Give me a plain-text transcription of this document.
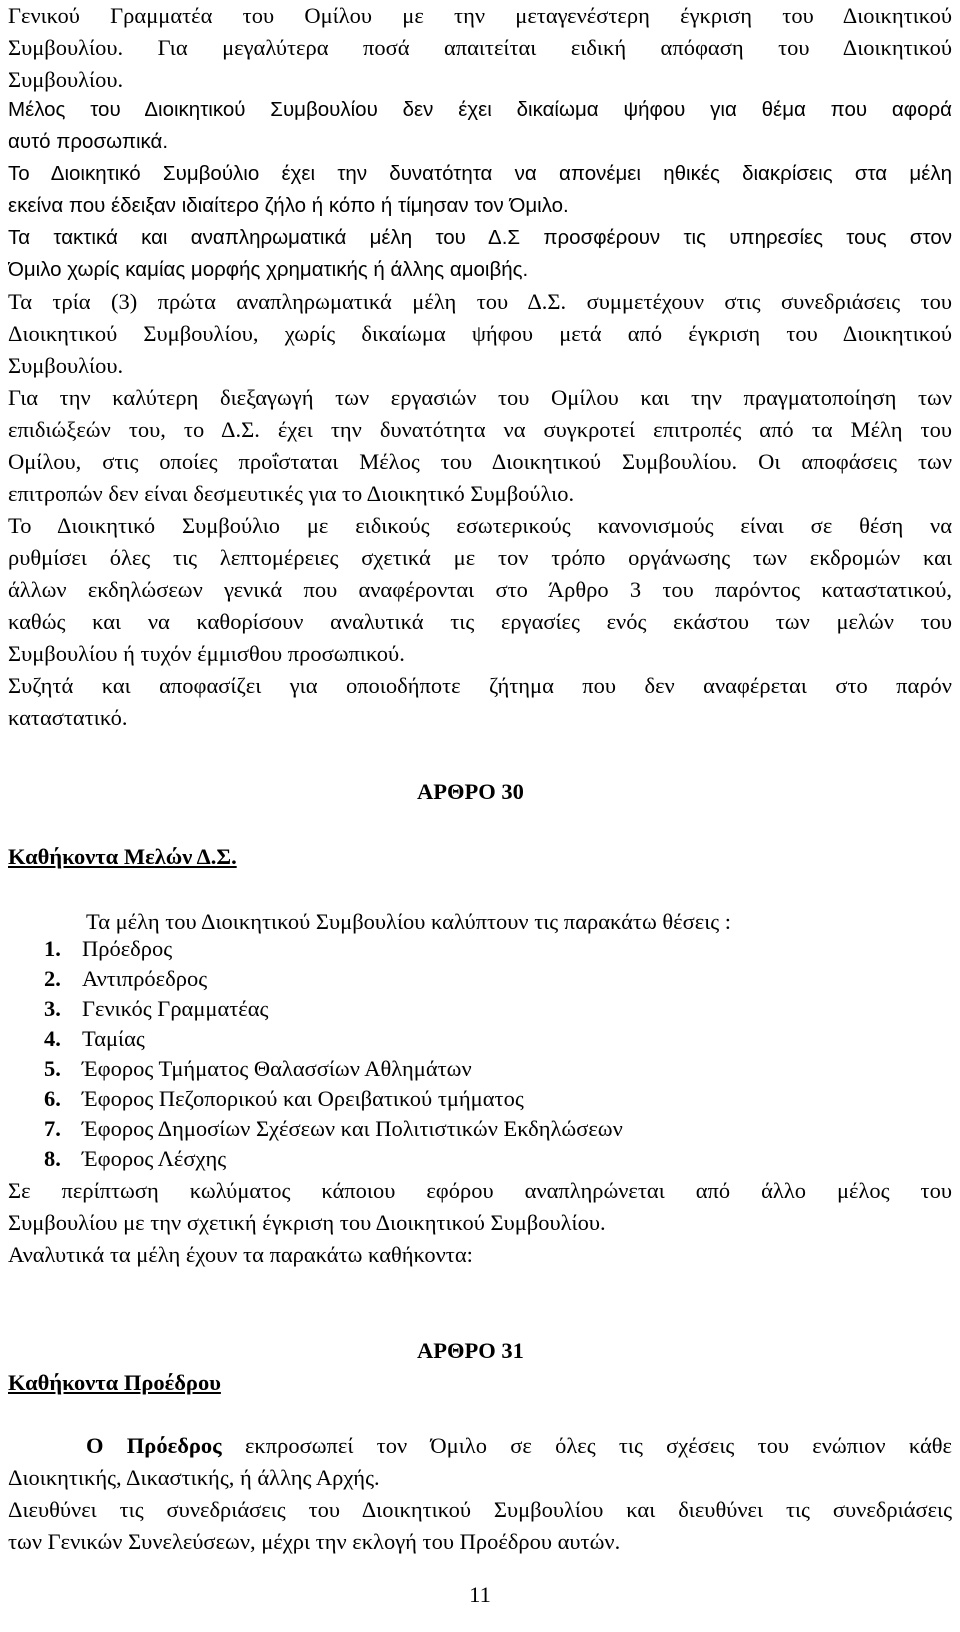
Γενικού Γραμματέα του Ομίλου με την μεταγενέστερη έγκριση του Διοικητικού
Συμβουλίου. Για μεγαλύτερα ποσά απαιτείται ειδική απόφαση του Διοικητικού
Συμβουλίου.
Μέλος του Διοικητικού Συμβουλίου δεν έχει δικαίωμα ψήφου για θέμα που αφορά
αυτό προσωπικά.
Το Διοικητικό Συμβούλιο έχει την δυνατότητα να απονέμει ηθικές διακρίσεις στα μέλη
εκείνα που έδειξαν ιδιαίτερο ζήλο ή κόπο ή τίμησαν τον Όμιλο.
Τα τακτικά και αναπληρωματικά μέλη του Δ.Σ προσφέρουν τις υπηρεσίες τους στον
Όμιλο χωρίς καμίας μορφής χρηματικής ή άλλης αμοιβής.
Τα τρία (3) πρώτα αναπληρωματικά μέλη του Δ.Σ. συμμετέχουν στις συνεδριάσεις του
Διοικητικού Συμβουλίου, χωρίς δικαίωμα ψήφου μετά από έγκριση του Διοικητικού
Συμβουλίου.
Για την καλύτερη διεξαγωγή των εργασιών του Ομίλου και την πραγματοποίηση των
επιδιώξεών του, το Δ.Σ. έχει την δυνατότητα να συγκροτεί επιτροπές από τα Μέλη του
Ομίλου, στις οποίες προΐσταται Μέλος του Διοικητικού Συμβουλίου. Οι αποφάσεις των
επιτροπών δεν είναι δεσμευτικές για το Διοικητικό Συμβούλιο.
Το Διοικητικό Συμβούλιο με ειδικούς εσωτερικούς κανονισμούς είναι σε θέση να
ρυθμίσει όλες τις λεπτομέρειες σχετικά με τον τρόπο οργάνωσης των εκδρομών και
άλλων εκδηλώσεων γενικά που αναφέρονται στο Άρθρο 3 του παρόντος καταστατικού,
καθώς και να καθορίσουν αναλυτικά τις εργασίες ενός εκάστου των μελών του
Συμβουλίου ή τυχόν έμμισθου προσωπικού.
Συζητά και αποφασίζει για οποιοδήποτε ζήτημα που δεν αναφέρεται στο παρόν
καταστατικό.
ΑΡΘΡΟ 30
Καθήκοντα Μελών Δ.Σ.
Τα μέλη του Διοικητικού Συμβουλίου καλύπτουν τις παρακάτω θέσεις :
1. Πρόεδρος
2. Αντιπρόεδρος
3. Γενικός Γραμματέας
4. Ταμίας
5. Έφορος Τμήματος Θαλασσίων Αθλημάτων
6. Έφορος Πεζοπορικού και Ορειβατικού τμήματος
7. Έφορος Δημοσίων Σχέσεων και Πολιτιστικών Εκδηλώσεων
8. Έφορος Λέσχης
Σε περίπτωση κωλύματος κάποιου εφόρου αναπληρώνεται από άλλο μέλος του
Συμβουλίου με την σχετική έγκριση του Διοικητικού Συμβουλίου.
Αναλυτικά τα μέλη έχουν τα παρακάτω καθήκοντα:
ΑΡΘΡΟ 31
Καθήκοντα Προέδρου
Ο Πρόεδρος εκπροσωπεί τον Όμιλο σε όλες τις σχέσεις του ενώπιον κάθε
Διοικητικής, Δικαστικής, ή άλλης Αρχής.
Διευθύνει τις συνεδριάσεις του Διοικητικού Συμβουλίου και διευθύνει τις συνεδριάσεις
των Γενικών Συνελεύσεων, μέχρι την εκλογή του Προέδρου αυτών.
11
